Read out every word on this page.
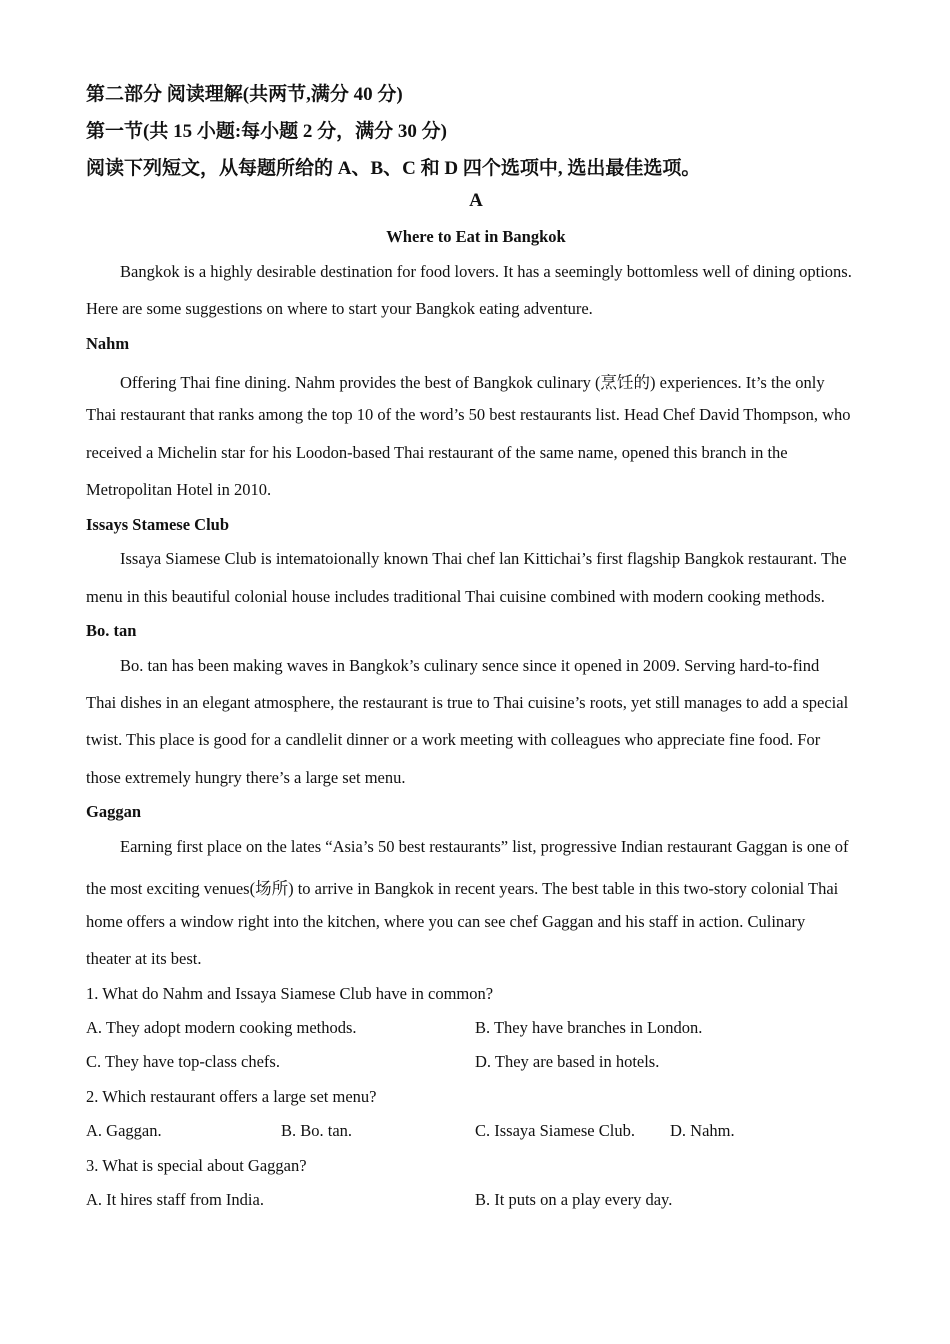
第二部分 阅读理解(共两节,满分 40 分)
第一节(共 15 小题:每小题 2 分，满分 30 分)
阅读下列短文，从每题所给的 A、B、C 和 D 四个选项中, 选出最佳选项。
A
Where to Eat in Bangkok
Bangkok is a highly desirable destination for food lovers. It has a seemingly bottomless well of dining options.
Here are some suggestions on where to start your Bangkok eating adventure.
Nahm
Offering Thai fine dining. Nahm provides the best of Bangkok culinary (烹饪的) experiences. It’s the only
Thai restaurant that ranks among the top 10 of the word’s 50 best restaurants list. Head Chef David Thompson, who
received a Michelin star for his Loodon-based Thai restaurant of the same name, opened this branch in the
Metropolitan Hotel in 2010.
Issays Stamese Club
Issaya Siamese Club is intematoionally known Thai chef lan Kittichai’s first flagship Bangkok restaurant. The
menu in this beautiful colonial house includes traditional Thai cuisine combined with modern cooking methods.
Bo. tan
Bo. tan has been making waves in Bangkok’s culinary sence since it opened in 2009. Serving hard-to-find
Thai dishes in an elegant atmosphere, the restaurant is true to Thai cuisine’s roots, yet still manages to add a special
twist. This place is good for a candlelit dinner or a work meeting with colleagues who appreciate fine food. For
those extremely hungry there’s a large set menu.
Gaggan
Earning first place on the lates “Asia’s 50 best restaurants” list, progressive Indian restaurant Gaggan is one of
the most exciting venues(场所) to arrive in Bangkok in recent years. The best table in this two-story colonial Thai
home offers a window right into the kitchen, where you can see chef Gaggan and his staff in action. Culinary
theater at its best.
1. What do Nahm and Issaya Siamese Club have in common?
A. They adopt modern cooking methods.	B. They have branches in London.
C. They have top-class chefs.	D. They are based in hotels.
2. Which restaurant offers a large set menu?
A. Gaggan.	B. Bo. tan.	C. Issaya Siamese Club. D. Nahm.
3. What is special about Gaggan?
A. It hires staff from India.	B. It puts on a play every day.
